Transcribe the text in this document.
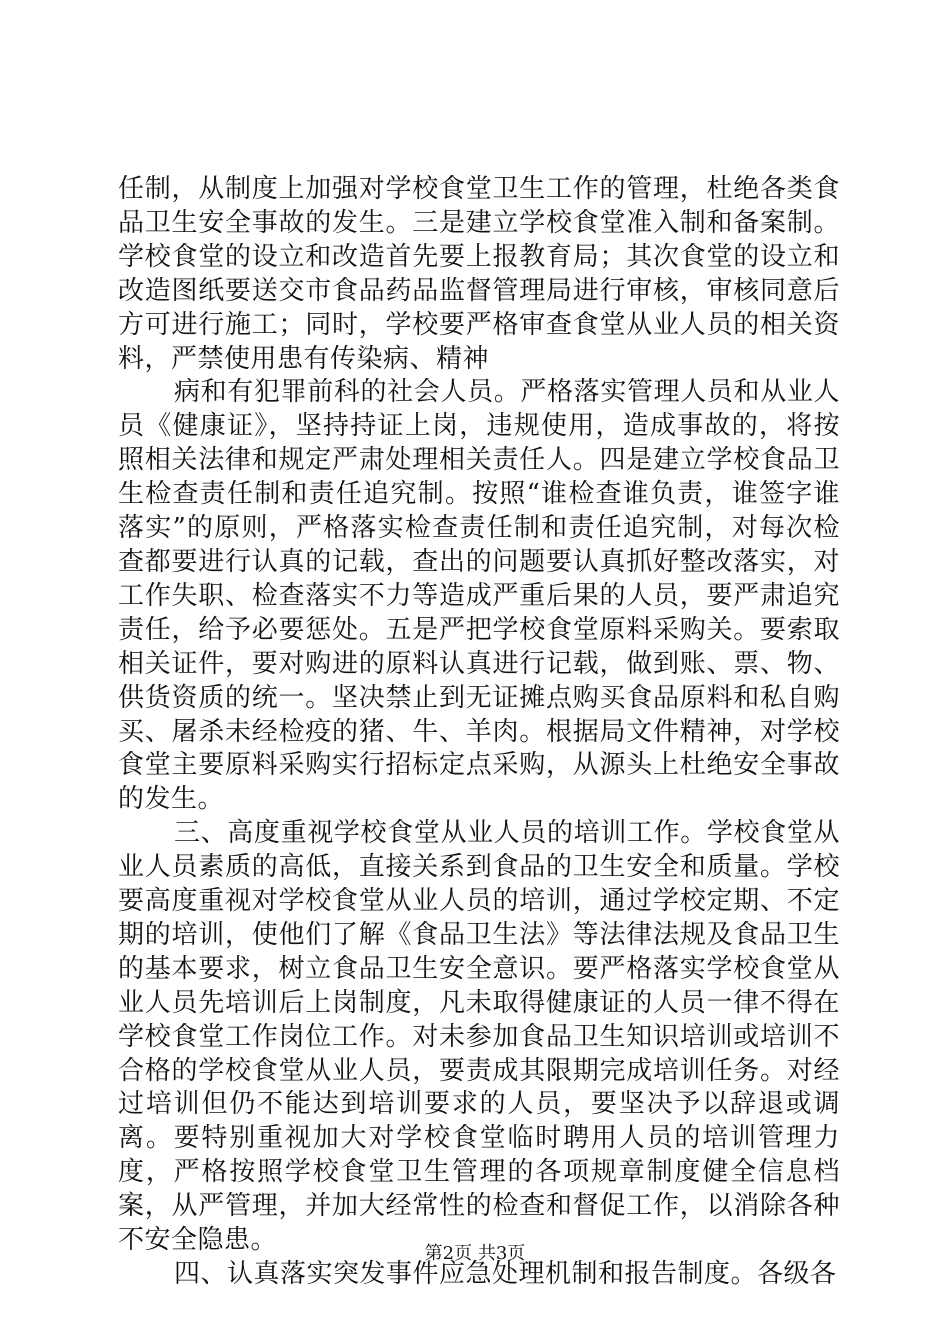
任制，从制度上加强对学校食堂卫生工作的管理，杜绝各类食品卫生安全事故的发生。三是建立学校食堂准入制和备案制。学校食堂的设立和改造首先要上报教育局；其次食堂的设立和改造图纸要送交市食品药品监督管理局进行审核，审核同意后方可进行施工；同时，学校要严格审查食堂从业人员的相关资料，严禁使用患有传染病、精神

病和有犯罪前科的社会人员。严格落实管理人员和从业人员《健康证》，坚持持证上岗，违规使用，造成事故的，将按照相关法律和规定严肃处理相关责任人。四是建立学校食品卫生检查责任制和责任追究制。按照“谁检查谁负责，谁签字谁落实”的原则，严格落实检查责任制和责任追究制，对每次检查都要进行认真的记载，查出的问题要认真抓好整改落实，对工作失职、检查落实不力等造成严重后果的人员，要严肃追究责任，给予必要惩处。五是严把学校食堂原料采购关。要索取相关证件，要对购进的原料认真进行记载，做到账、票、物、供货资质的统一。坚决禁止到无证摊点购买食品原料和私自购买、屠杀未经检疫的猪、牛、羊肉。根据局文件精神，对学校食堂主要原料采购实行招标定点采购，从源头上杜绝安全事故的发生。

三、高度重视学校食堂从业人员的培训工作。学校食堂从业人员素质的高低，直接关系到食品的卫生安全和质量。学校要高度重视对学校食堂从业人员的培训，通过学校定期、不定期的培训，使他们了解《食品卫生法》等法律法规及食品卫生的基本要求，树立食品卫生安全意识。要严格落实学校食堂从业人员先培训后上岗制度，凡未取得健康证的人员一律不得在学校食堂工作岗位工作。对未参加食品卫生知识培训或培训不合格的学校食堂从业人员，要责成其限期完成培训任务。对经过培训但仍不能达到培训要求的人员，要坚决予以辞退或调离。要特别重视加大对学校食堂临时聘用人员的培训管理力度，严格按照学校食堂卫生管理的各项规章制度健全信息档案，从严管理，并加大经常性的检查和督促工作，以消除各种不安全隐患。

四、认真落实突发事件应急处理机制和报告制度。各级各

第2页 共3页
